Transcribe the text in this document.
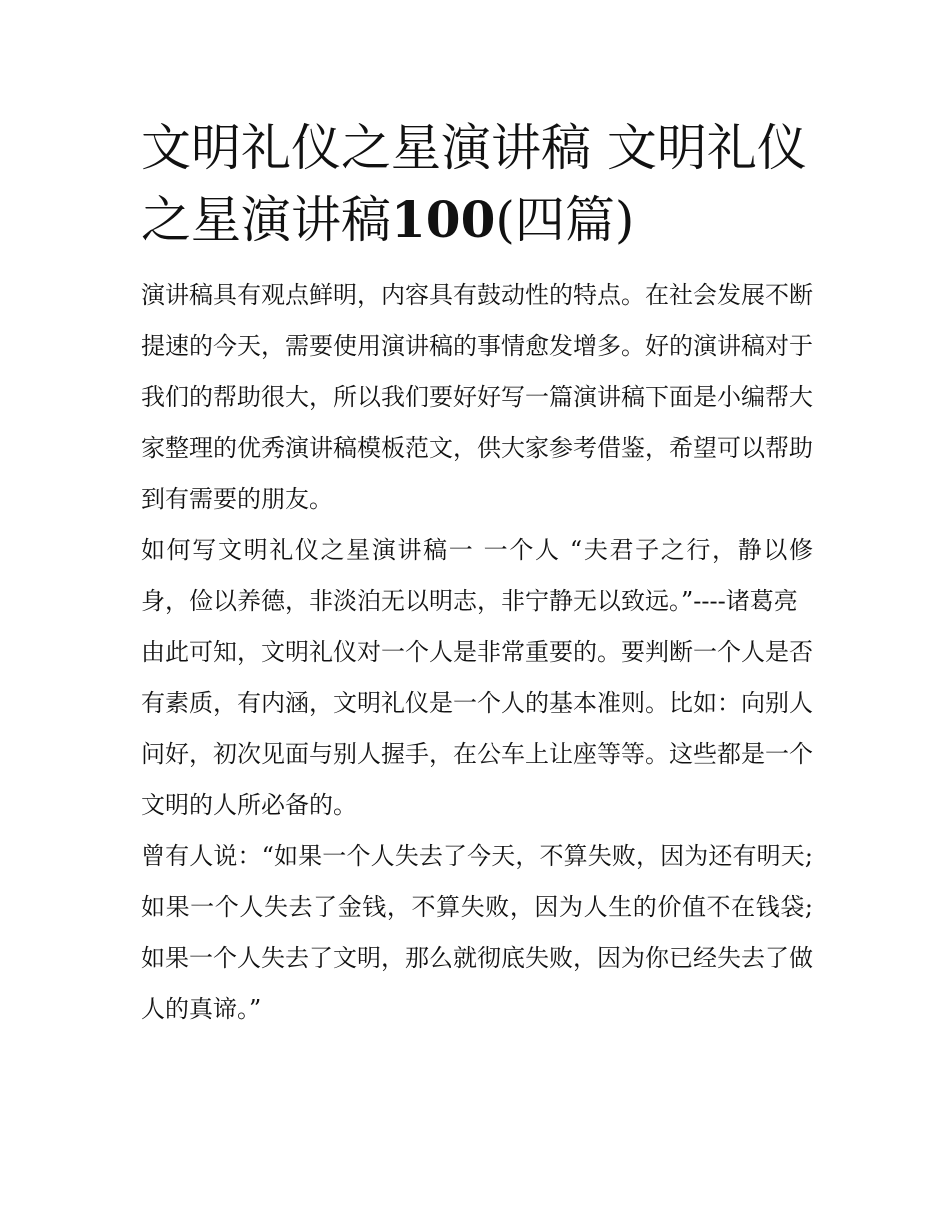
文明礼仪之星演讲稿 文明礼仪之星演讲稿100(四篇)

演讲稿具有观点鲜明，内容具有鼓动性的特点。在社会发展不断提速的今天，需要使用演讲稿的事情愈发增多。好的演讲稿对于我们的帮助很大，所以我们要好好写一篇演讲稿下面是小编帮大家整理的优秀演讲稿模板范文，供大家参考借鉴，希望可以帮助到有需要的朋友。

如何写文明礼仪之星演讲稿一 一个人 “夫君子之行，静以修身，俭以养德，非淡泊无以明志，非宁静无以致远。”----诸葛亮

由此可知，文明礼仪对一个人是非常重要的。要判断一个人是否有素质，有内涵，文明礼仪是一个人的基本准则。比如：向别人问好，初次见面与别人握手，在公车上让座等等。这些都是一个文明的人所必备的。

曾有人说：“如果一个人失去了今天，不算失败，因为还有明天;如果一个人失去了金钱，不算失败，因为人生的价值不在钱袋;如果一个人失去了文明，那么就彻底失败，因为你已经失去了做人的真谛。”
